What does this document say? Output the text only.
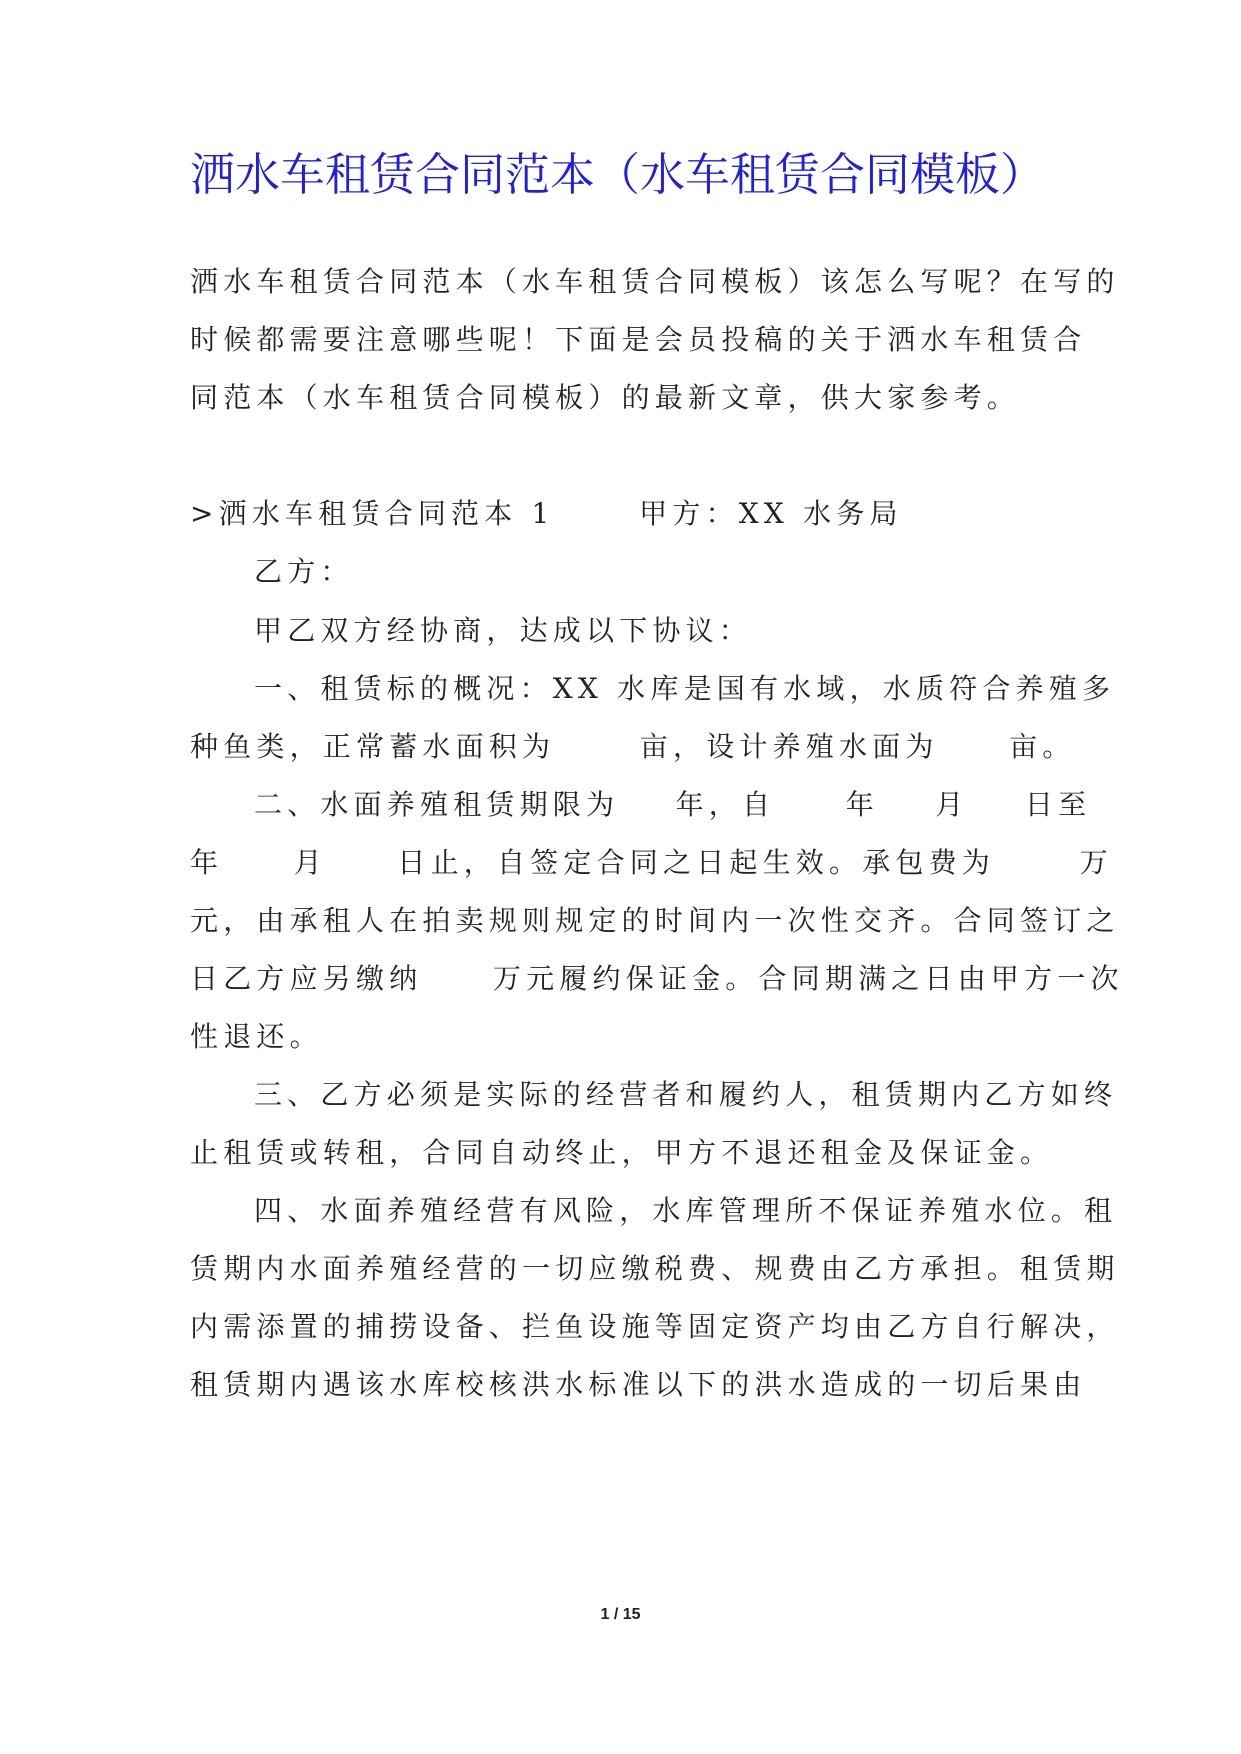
洒水车租赁合同范本（水车租赁合同模板）
洒水车租赁合同范本（水车租赁合同模板）该怎么写呢？在写的
时候都需要注意哪些呢！下面是会员投稿的关于洒水车租赁合
同范本（水车租赁合同模板）的最新文章，供大家参考。
>洒水车租赁合同范本 1      甲方：XX 水务局
乙方：
甲乙双方经协商，达成以下协议：
一、租赁标的概况：XX 水库是国有水域，水质符合养殖多
种鱼类，正常蓄水面积为      亩，设计养殖水面为     亩。
二、水面养殖租赁期限为    年，自     年    月    日至
年     月     日止，自签定合同之日起生效。承包费为      万
元，由承租人在拍卖规则规定的时间内一次性交齐。合同签订之
日乙方应另缴纳     万元履约保证金。合同期满之日由甲方一次
性退还。
三、乙方必须是实际的经营者和履约人，租赁期内乙方如终
止租赁或转租，合同自动终止，甲方不退还租金及保证金。
四、水面养殖经营有风险，水库管理所不保证养殖水位。租
赁期内水面养殖经营的一切应缴税费、规费由乙方承担。租赁期
内需添置的捕捞设备、拦鱼设施等固定资产均由乙方自行解决，
租赁期内遇该水库校核洪水标准以下的洪水造成的一切后果由
1 / 15
